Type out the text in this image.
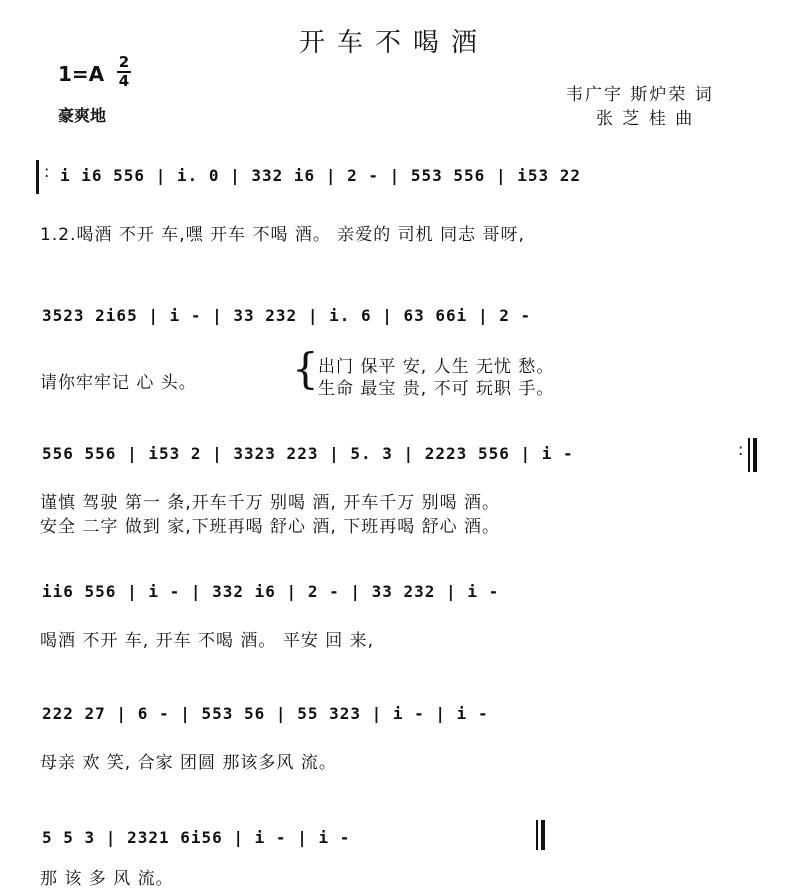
开车不喝酒
1=A 2
4
豪爽地
韦广宇 斯炉荣 词
张 芝 桂 曲
: i i6 556 | i. 0 | 332 i6 | 2 - | 553 556 | i53 22
1.2.喝酒 不开 车,嘿 开车 不喝 酒。 亲爱的 司机 同志 哥呀,
3523 2i65 | i - | 33 232 | i. 6 | 63 66i | 2 -
请你牢牢记 心 头。 { 出门 保平 安, 人生 无忧 愁。
生命 最宝 贵, 不可 玩职 手。
556 556 | i53 2 | 3323 223 | 5. 3 | 2223 556 | i -	:
谨慎 驾驶 第一 条,开车千万 别喝 酒, 开车千万 别喝 酒。
安全 二字 做到 家,下班再喝 舒心 酒, 下班再喝 舒心 酒。
ii6 556 | i - | 332 i6 | 2 - | 33 232 | i -
喝酒 不开 车, 开车 不喝 酒。 平安 回 来,
222 27 | 6 - | 553 56 | 55 323 | i - | i -
母亲 欢 笑, 合家 团圆 那该多风 流。
5 5 3 | 2321 6i56 | i - | i -
那 该 多 风 流。
